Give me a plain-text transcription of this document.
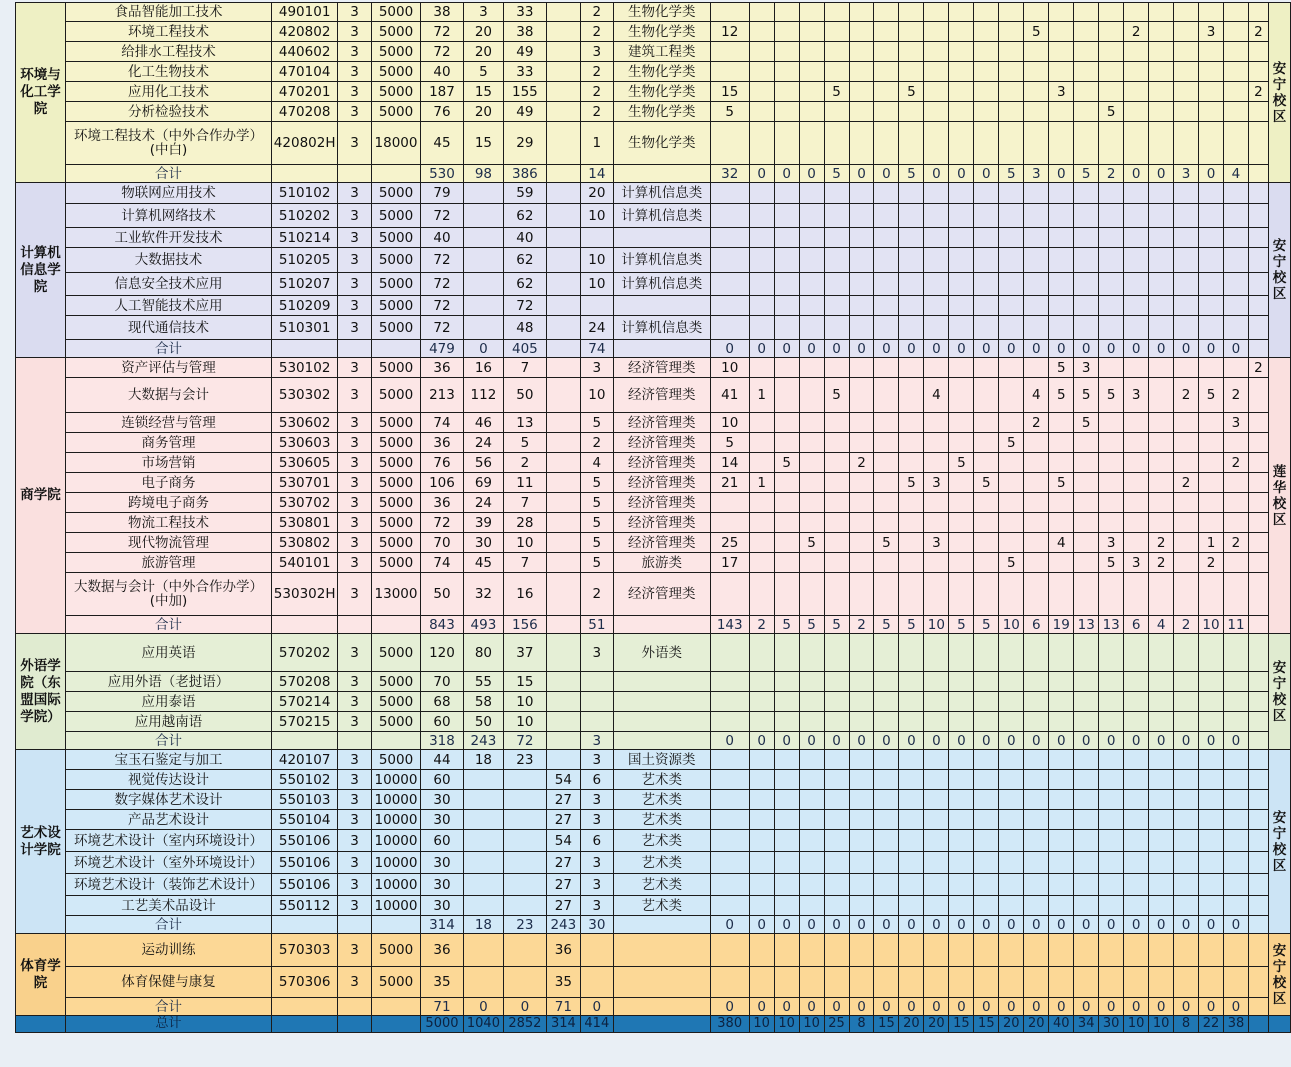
环境与化工学院	食品智能加工技术	490101	3	5000	38	3	33		2	生物化学类																							安宁校区
	环境工程技术	420802	3	5000	72	20	38		2	生物化学类	12												5				2			3		2	
	给排水工程技术	440602	3	5000	72	20	49		3	建筑工程类																							
	化工生物技术	470104	3	5000	40	5	33		2	生物化学类																							
	应用化工技术	470201	3	5000	187	15	155		2	生物化学类	15				5			5						3								2	
	分析检验技术	470208	3	5000	76	20	49		2	生物化学类	5															5							
	环境工程技术（中外合作办学）(中白)	420802H	3	18000	45	15	29		1	生物化学类																							
	合计				530	98	386		14		32	0	0	0	5	0	0	5	0	0	0	5	3	0	5	2	0	0	3	0	4		
计算机信息学院	物联网应用技术	510102	3	5000	79		59		20	计算机信息类																							安宁校区
	计算机网络技术	510202	3	5000	72		62		10	计算机信息类																							
	工业软件开发技术	510214	3	5000	40		40																										
	大数据技术	510205	3	5000	72		62		10	计算机信息类																							
	信息安全技术应用	510207	3	5000	72		62		10	计算机信息类																							
	人工智能技术应用	510209	3	5000	72		72																										
	现代通信技术	510301	3	5000	72		48		24	计算机信息类																							
	合计				479	0	405		74		0	0	0	0	0	0	0	0	0	0	0	0	0	0	0	0	0	0	0	0	0		
商学院	资产评估与管理	530102	3	5000	36	16	7		3	经济管理类	10													5	3							2	莲华校区
	大数据与会计	530302	3	5000	213	112	50		10	经济管理类	41	1			5				4				4	5	5	5	3		2	5	2		
	连锁经营与管理	530602	3	5000	74	46	13		5	经济管理类	10												2		5						3		
	商务管理	530603	3	5000	36	24	5		2	经济管理类	5											5											
	市场营销	530605	3	5000	76	56	2		4	经济管理类	14		5			2				5											2		
	电子商务	530701	3	5000	106	69	11		5	经济管理类	21	1						5	3		5			5					2				
	跨境电子商务	530702	3	5000	36	24	7		5	经济管理类																							
	物流工程技术	530801	3	5000	72	39	28		5	经济管理类																							
	现代物流管理	530802	3	5000	70	30	10		5	经济管理类	25			5			5		3					4		3		2		1	2		
	旅游管理	540101	3	5000	74	45	7		5	旅游类	17											5				5	3	2		2			
	大数据与会计（中外合作办学）(中加)	530302H	3	13000	50	32	16		2	经济管理类																							
	合计				843	493	156		51		143	2	5	5	5	2	5	5	10	5	5	10	6	19	13	13	6	4	2	10	11		
外语学院（东盟国际学院）	应用英语	570202	3	5000	120	80	37		3	外语类																							安宁校区
	应用外语（老挝语）	570208	3	5000	70	55	15																										
	应用泰语	570214	3	5000	68	58	10																										
	应用越南语	570215	3	5000	60	50	10																										
	合计				318	243	72		3		0	0	0	0	0	0	0	0	0	0	0	0	0	0	0	0	0	0	0	0	0		
艺术设计学院	宝玉石鉴定与加工	420107	3	5000	44	18	23		3	国土资源类																							安宁校区
	视觉传达设计	550102	3	10000	60			54	6	艺术类																							
	数字媒体艺术设计	550103	3	10000	30			27	3	艺术类																							
	产品艺术设计	550104	3	10000	30			27	3	艺术类																							
	环境艺术设计（室内环境设计）	550106	3	10000	60			54	6	艺术类																							
	环境艺术设计（室外环境设计）	550106	3	10000	30			27	3	艺术类																							
	环境艺术设计（装饰艺术设计）	550106	3	10000	30			27	3	艺术类																							
	工艺美术品设计	550112	3	10000	30			27	3	艺术类																							
	合计				314	18	23	243	30		0	0	0	0	0	0	0	0	0	0	0	0	0	0	0	0	0	0	0	0	0		
体育学院	运动训练	570303	3	5000	36			36																									安宁校区
	体育保健与康复	570306	3	5000	35			35																									
	合计				71	0	0	71	0		0	0	0	0	0	0	0	0	0	0	0	0	0	0	0	0	0	0	0	0	0		
	总计				5000	1040	2852	314	414		380	10	10	10	25	8	15	20	20	15	15	20	20	40	34	30	10	10	8	22	38		
